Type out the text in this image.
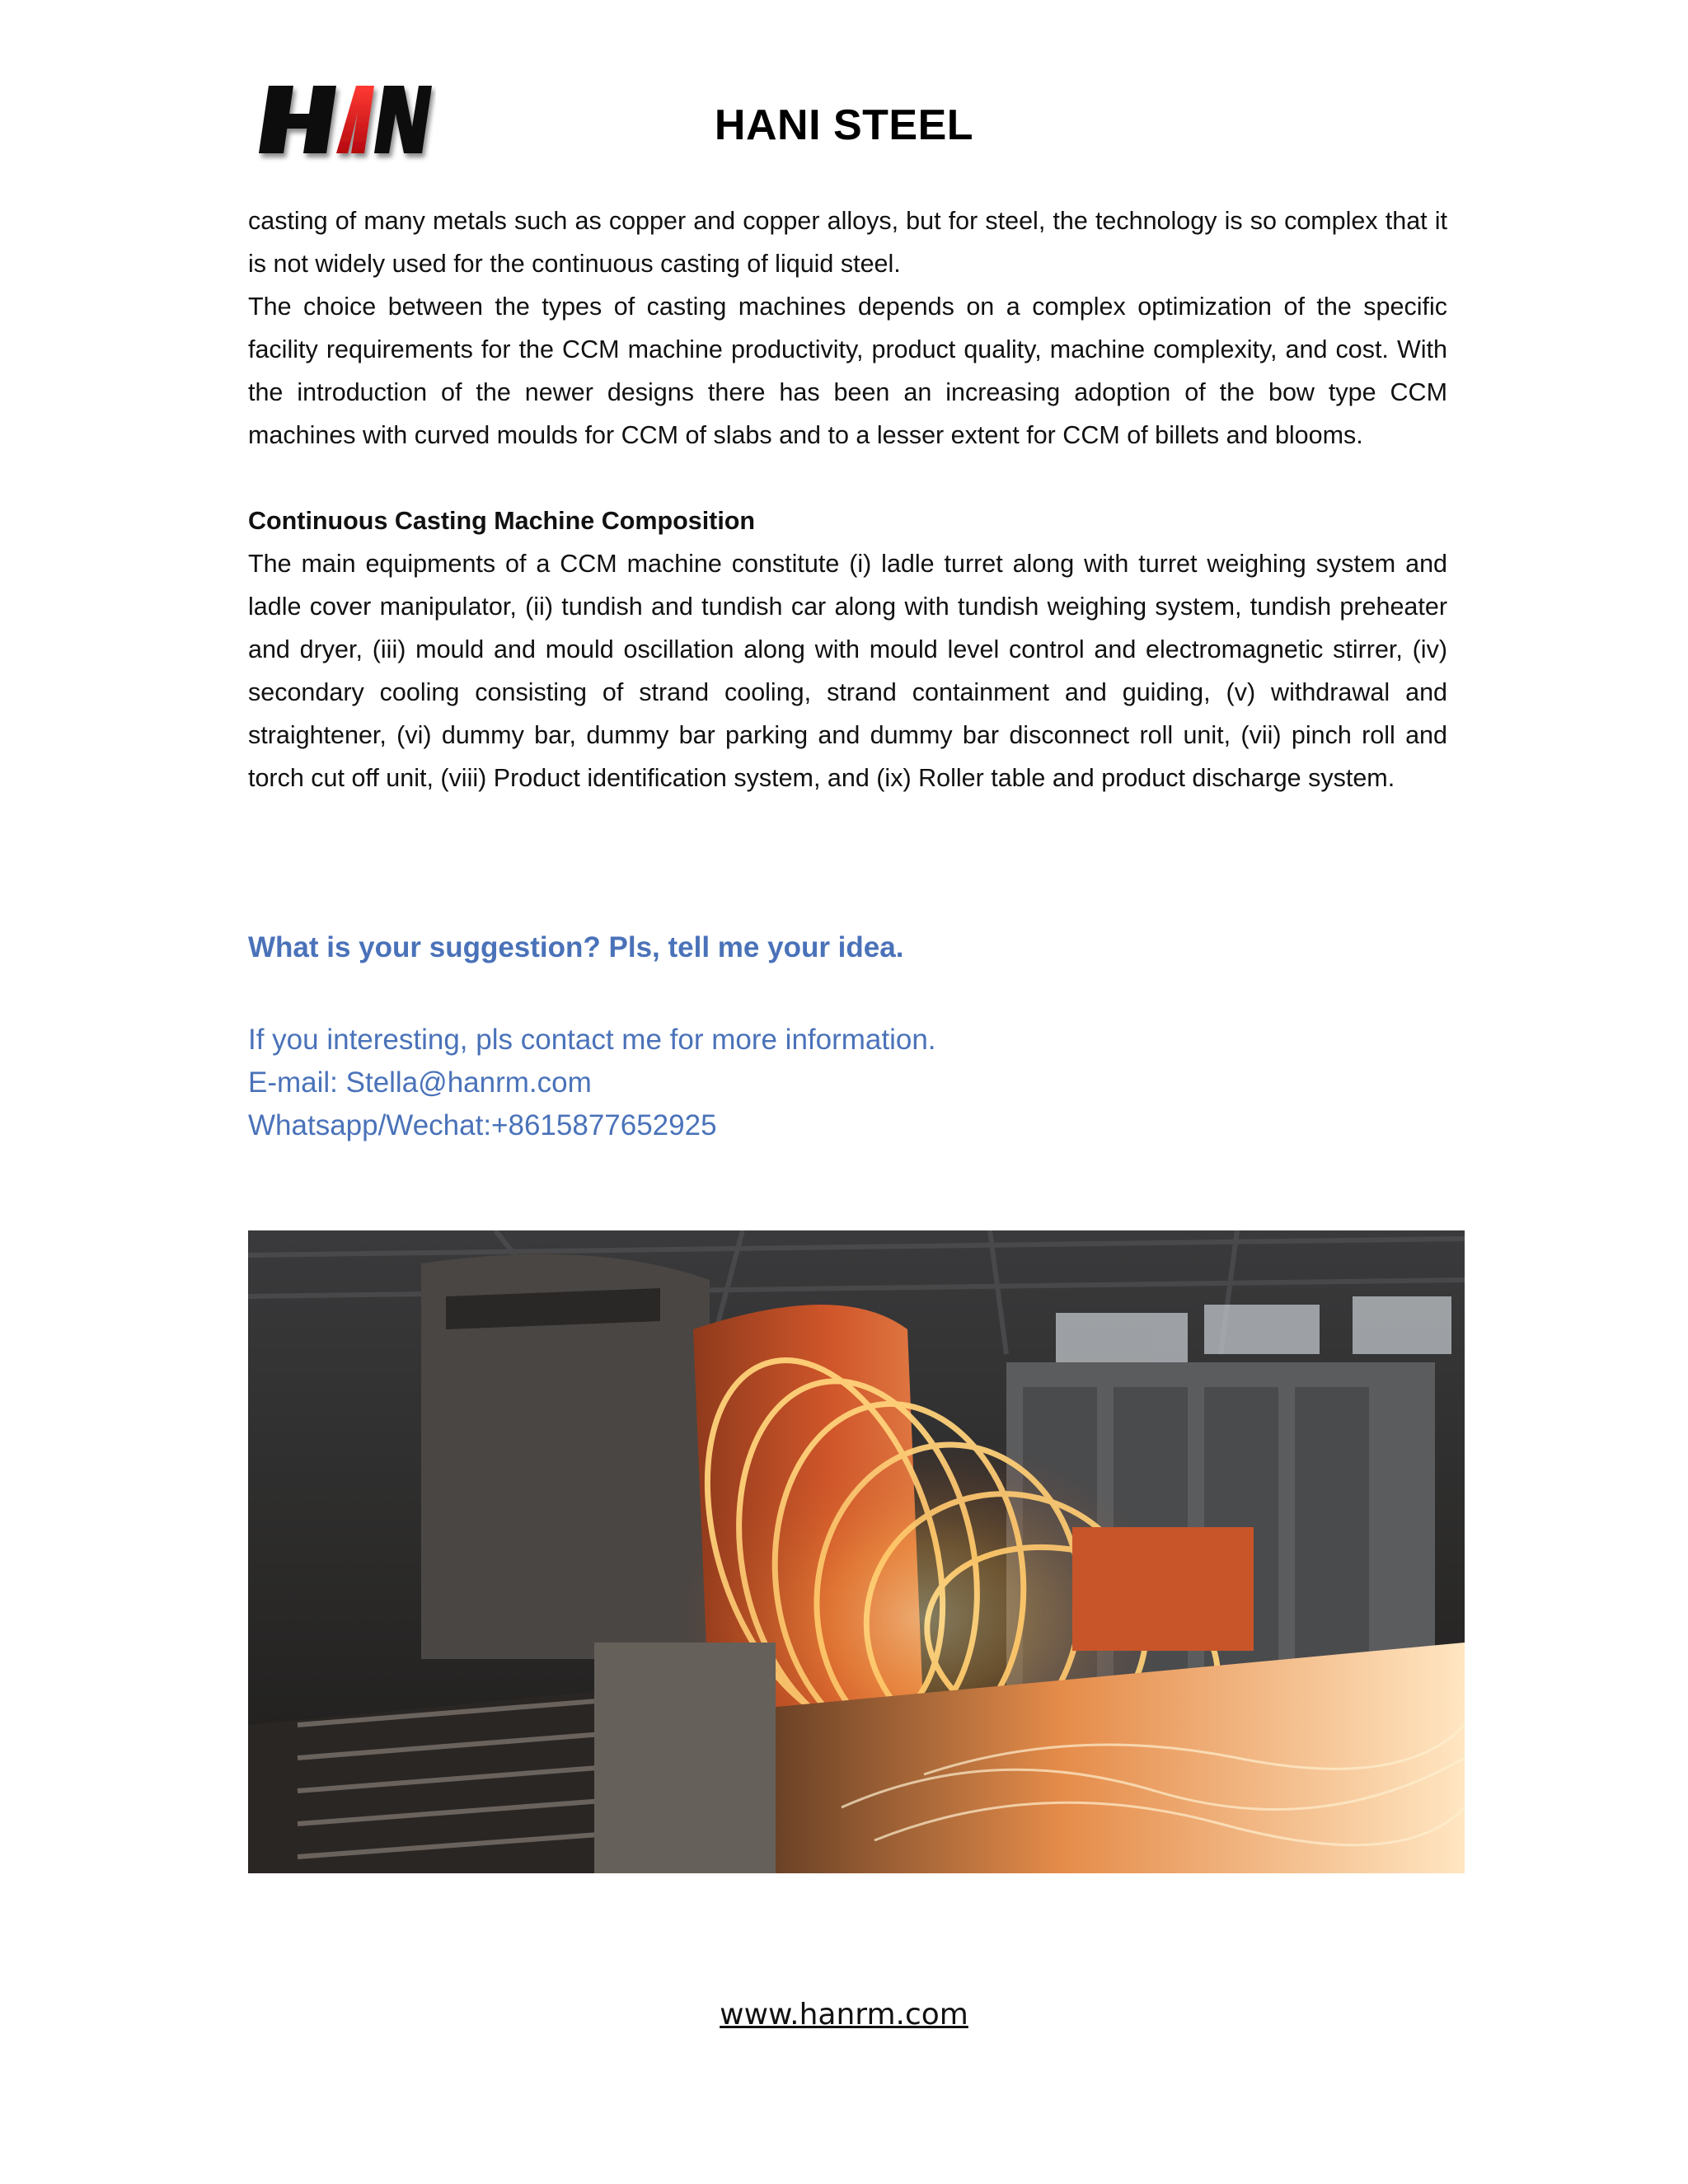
HANI STEEL

casting of many metals such as copper and copper alloys, but for steel, the technology is so complex that it is not widely used for the continuous casting of liquid steel.

The choice between the types of casting machines depends on a complex optimization of the specific facility requirements for the CCM machine productivity, product quality, machine complexity, and cost. With the introduction of the newer designs there has been an increasing adoption of the bow type CCM machines with curved moulds for CCM of slabs and to a lesser extent for CCM of billets and blooms.

Continuous Casting Machine Composition

The main equipments of a CCM machine constitute (i) ladle turret along with turret weighing system and ladle cover manipulator, (ii) tundish and tundish car along with tundish weighing system, tundish preheater and dryer, (iii) mould and mould oscillation along with mould level control and electromagnetic stirrer, (iv) secondary cooling consisting of strand cooling, strand containment and guiding, (v) withdrawal and straightener, (vi) dummy bar, dummy bar parking and dummy bar disconnect roll unit, (vii) pinch roll and torch cut off unit, (viii) Product identification system, and (ix) Roller table and product discharge system.

What is your suggestion? Pls, tell me your idea.
If you interesting, pls contact me for more information.
E-mail: Stella@hanrm.com
Whatsapp/Wechat:+8615877652925
www.hanrm.com
